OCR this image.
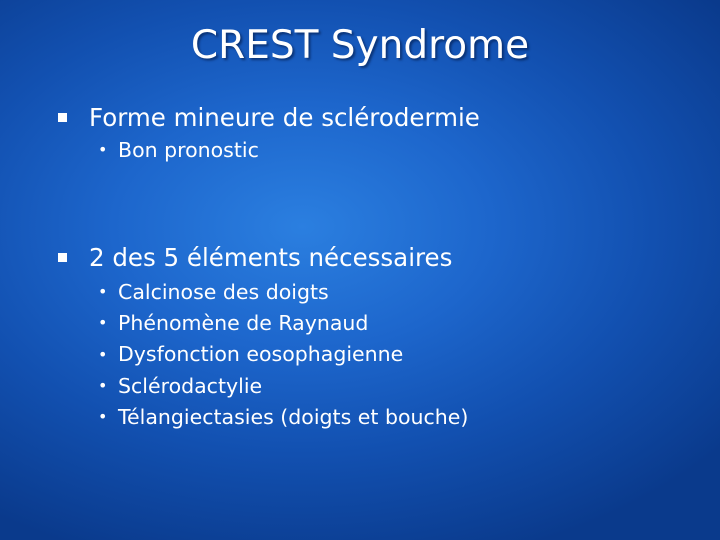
CREST Syndrome
Forme mineure de sclérodermie
• Bon pronostic
2 des 5 éléments nécessaires
• Calcinose des doigts
• Phénomène de Raynaud
• Dysfonction eosophagienne
• Sclérodactylie
• Télangiectasies (doigts et bouche)
